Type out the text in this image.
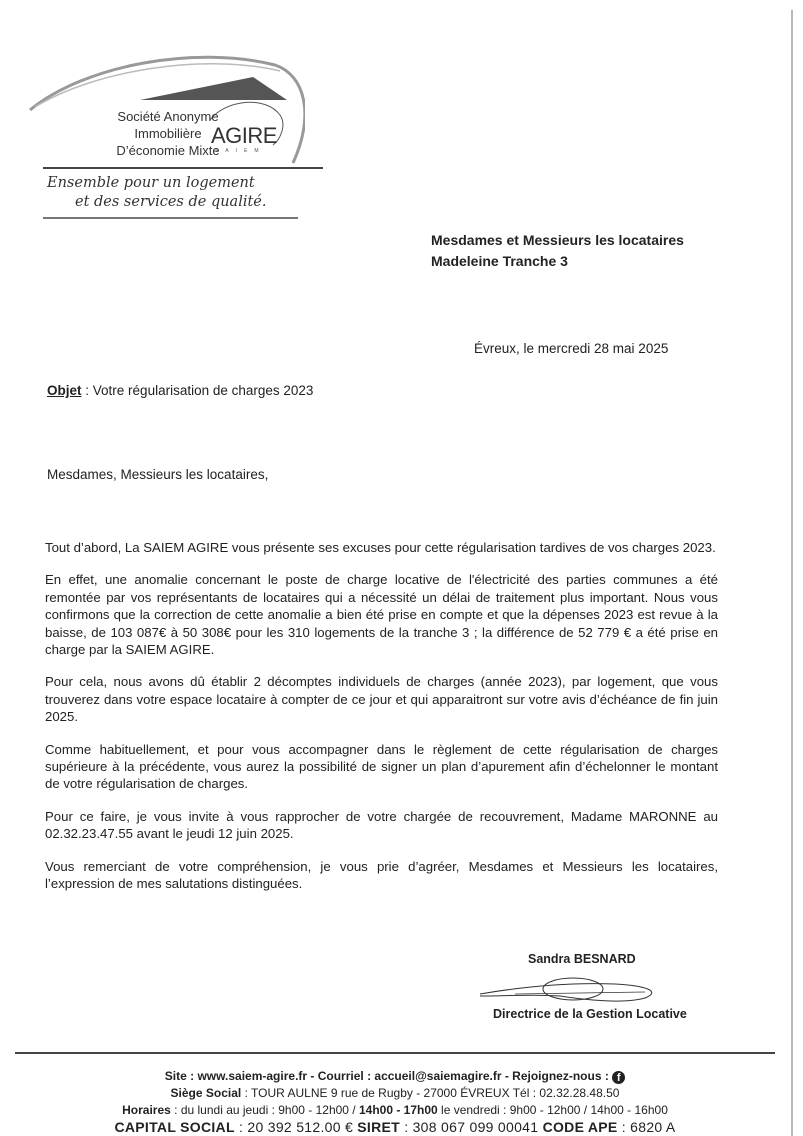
Société Anonyme
Immobilière
D’économie Mixte
AGIRE
SAIEM
Ensemble pour un logement
et des services de qualité.
Mesdames et Messieurs les locataires
Madeleine Tranche 3
Évreux, le mercredi 28 mai 2025
Objet : Votre régularisation de charges 2023
Mesdames, Messieurs les locataires,

Tout d’abord, La SAIEM AGIRE vous présente ses excuses pour cette régularisation tardives de vos charges 2023.

En effet, une anomalie concernant le poste de charge locative de l'électricité des parties communes a été remontée par vos représentants de locataires qui a nécessité un délai de traitement plus important. Nous vous confirmons que la correction de cette anomalie a bien été prise en compte et que la dépenses 2023 est revue à la baisse, de 103 087€ à 50 308€ pour les 310 logements de la tranche 3 ; la différence de 52 779 € a été prise en charge par la SAIEM AGIRE.

Pour cela, nous avons dû établir 2 décomptes individuels de charges (année 2023), par logement, que vous trouverez dans votre espace locataire à compter de ce jour et qui apparaitront sur votre avis d’échéance de fin juin 2025.

Comme habituellement, et pour vous accompagner dans le règlement de cette régularisation de charges supérieure à la précédente, vous aurez la possibilité de signer un plan d’apurement afin d’échelonner le montant de votre régularisation de charges.

Pour ce faire, je vous invite à vous rapprocher de votre chargée de recouvrement, Madame MARONNE au 02.32.23.47.55 avant le jeudi 12 juin 2025.

Vous remerciant de votre compréhension, je vous prie d’agréer, Mesdames et Messieurs les locataires, l’expression de mes salutations distinguées.

Sandra BESNARD
Directrice de la Gestion Locative
Site : www.saiem-agire.fr - Courriel : accueil@saiemagire.fr - Rejoignez-nous : f
Siège Social : TOUR AULNE 9 rue de Rugby - 27000 ÉVREUX Tél : 02.32.28.48.50
Horaires : du lundi au jeudi : 9h00 - 12h00 / 14h00 - 17h00 le vendredi : 9h00 - 12h00 / 14h00 - 16h00
CAPITAL SOCIAL : 20 392 512.00 € SIRET : 308 067 099 00041 CODE APE : 6820 A
